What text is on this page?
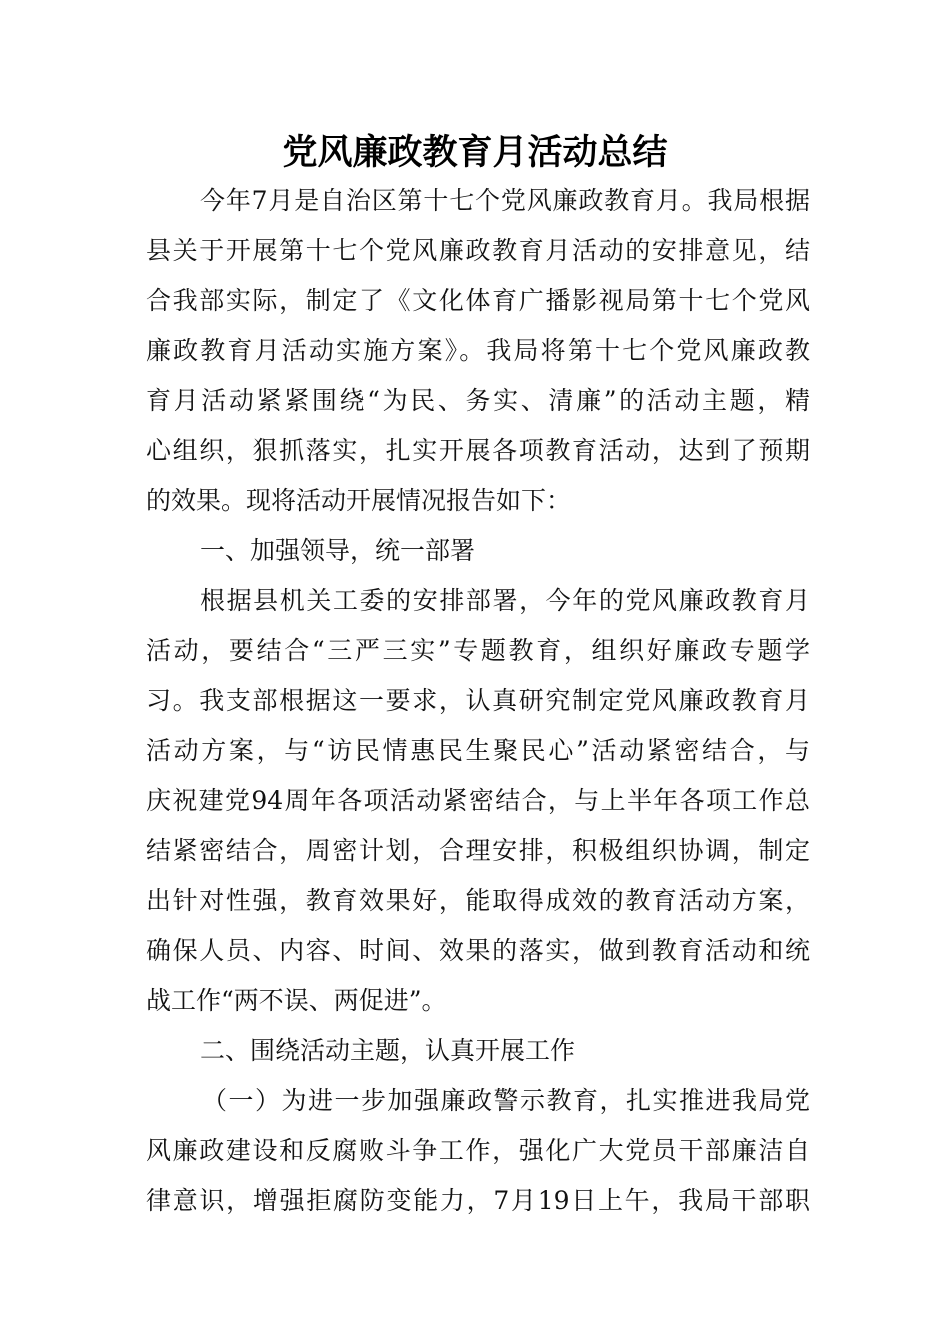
党风廉政教育月活动总结
今年7月是自治区第十七个党风廉政教育月。我局根据
县关于开展第十七个党风廉政教育月活动的安排意见，结
合我部实际，制定了《文化体育广播影视局第十七个党风
廉政教育月活动实施方案》。我局将第十七个党风廉政教
育月活动紧紧围绕“为民、务实、清廉”的活动主题，精
心组织，狠抓落实，扎实开展各项教育活动，达到了预期
的效果。现将活动开展情况报告如下：
一、加强领导，统一部署
根据县机关工委的安排部署，今年的党风廉政教育月
活动，要结合“三严三实”专题教育，组织好廉政专题学
习。我支部根据这一要求，认真研究制定党风廉政教育月
活动方案，与“访民情惠民生聚民心”活动紧密结合，与
庆祝建党94周年各项活动紧密结合，与上半年各项工作总
结紧密结合，周密计划，合理安排，积极组织协调，制定
出针对性强，教育效果好，能取得成效的教育活动方案，
确保人员、内容、时间、效果的落实，做到教育活动和统
战工作“两不误、两促进”。
二、围绕活动主题，认真开展工作
（一）为进一步加强廉政警示教育，扎实推进我局党
风廉政建设和反腐败斗争工作，强化广大党员干部廉洁自
律意识，增强拒腐防变能力，7月19日上午，我局干部职
